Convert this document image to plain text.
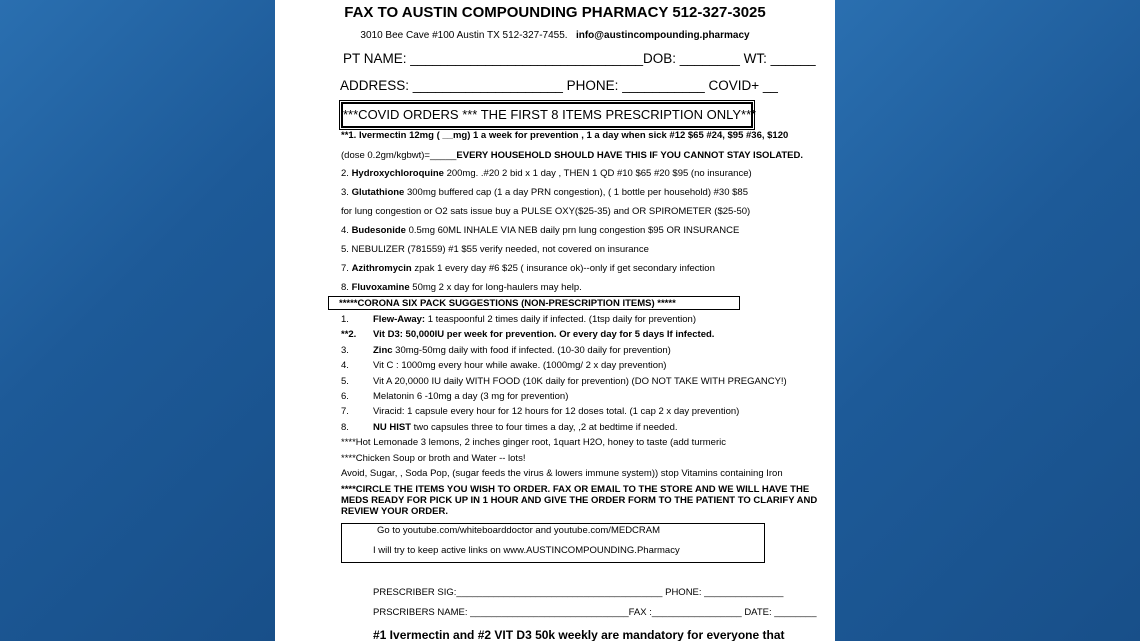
FAX TO AUSTIN COMPOUNDING PHARMACY 512-327-3025
3010 Bee Cave #100 Austin TX 512-327-7455. info@austincompounding.pharmacy
PT NAME: _______________________________DOB: ________ WT: ______
ADDRESS: ____________________ PHONE: ___________ COVID+ __
***COVID ORDERS *** THE FIRST 8 ITEMS PRESCRIPTION ONLY***
**1. Ivermectin 12mg ( __mg) 1 a week for prevention , 1 a day when sick #12 $65 #24, $95 #36, $120
(dose 0.2gm/kgbwt)=_____EVERY HOUSEHOLD SHOULD HAVE THIS IF YOU CANNOT STAY ISOLATED.
2. Hydroxychloroquine 200mg. .#20 2 bid x 1 day , THEN 1 QD #10 $65 #20 $95 (no insurance)
3. Glutathione 300mg buffered cap (1 a day PRN congestion), ( 1 bottle per household) #30 $85
for lung congestion or O2 sats issue buy a PULSE OXY($25-35) and OR SPIROMETER ($25-50)
4. Budesonide 0.5mg 60ML INHALE VIA NEB daily prn lung congestion $95 OR INSURANCE
5. NEBULIZER (781559) #1 $55 verify needed, not covered on insurance
7. Azithromycin zpak 1 every day #6 $25 ( insurance ok)--only if get secondary infection
8. Fluvoxamine 50mg 2 x day for long-haulers may help.
*****CORONA SIX PACK SUGGESTIONS (NON-PRESCRIPTION ITEMS) *****
1.	Flew-Away: 1 teaspoonful 2 times daily if infected. (1tsp daily for prevention)
**2. Vit D3: 50,000IU per week for prevention. Or every day for 5 days If infected.
3.	Zinc 30mg-50mg daily with food if infected. (10-30 daily for prevention)
4.	Vit C : 1000mg every hour while awake. (1000mg/ 2 x day prevention)
5.	Vit A 20,0000 IU daily WITH FOOD (10K daily for prevention) (DO NOT TAKE WITH PREGANCY!)
6.	Melatonin 6 -10mg a day (3 mg for prevention)
7.	Viracid: 1 capsule every hour for 12 hours for 12 doses total. (1 cap 2 x day prevention)
8.	NU HIST two capsules three to four times a day, ,2 at bedtime if needed.
****Hot Lemonade 3 lemons, 2 inches ginger root, 1quart H2O, honey to taste (add turmeric
****Chicken Soup or broth and Water -- lots!
Avoid, Sugar, , Soda Pop, (sugar feeds the virus & lowers immune system)) stop Vitamins containing Iron
****CIRCLE THE ITEMS YOU WISH TO ORDER. FAX OR EMAIL TO THE STORE AND WE WILL HAVE THE
MEDS READY FOR PICK UP IN 1 HOUR AND GIVE THE ORDER FORM TO THE PATIENT TO CLARIFY AND
REVIEW YOUR ORDER.
Go to youtube.com/whiteboarddoctor and youtube.com/MEDCRAM
I will try to keep active links on www.AUSTINCOMPOUNDING.Pharmacy
PRESCRIBER SIG:_______________________________________ PHONE: _______________
PRSCRIBERS NAME: ______________________________FAX :_________________ DATE: ________
#1 Ivermectin and #2 VIT D3 50k weekly are mandatory for everyone that
